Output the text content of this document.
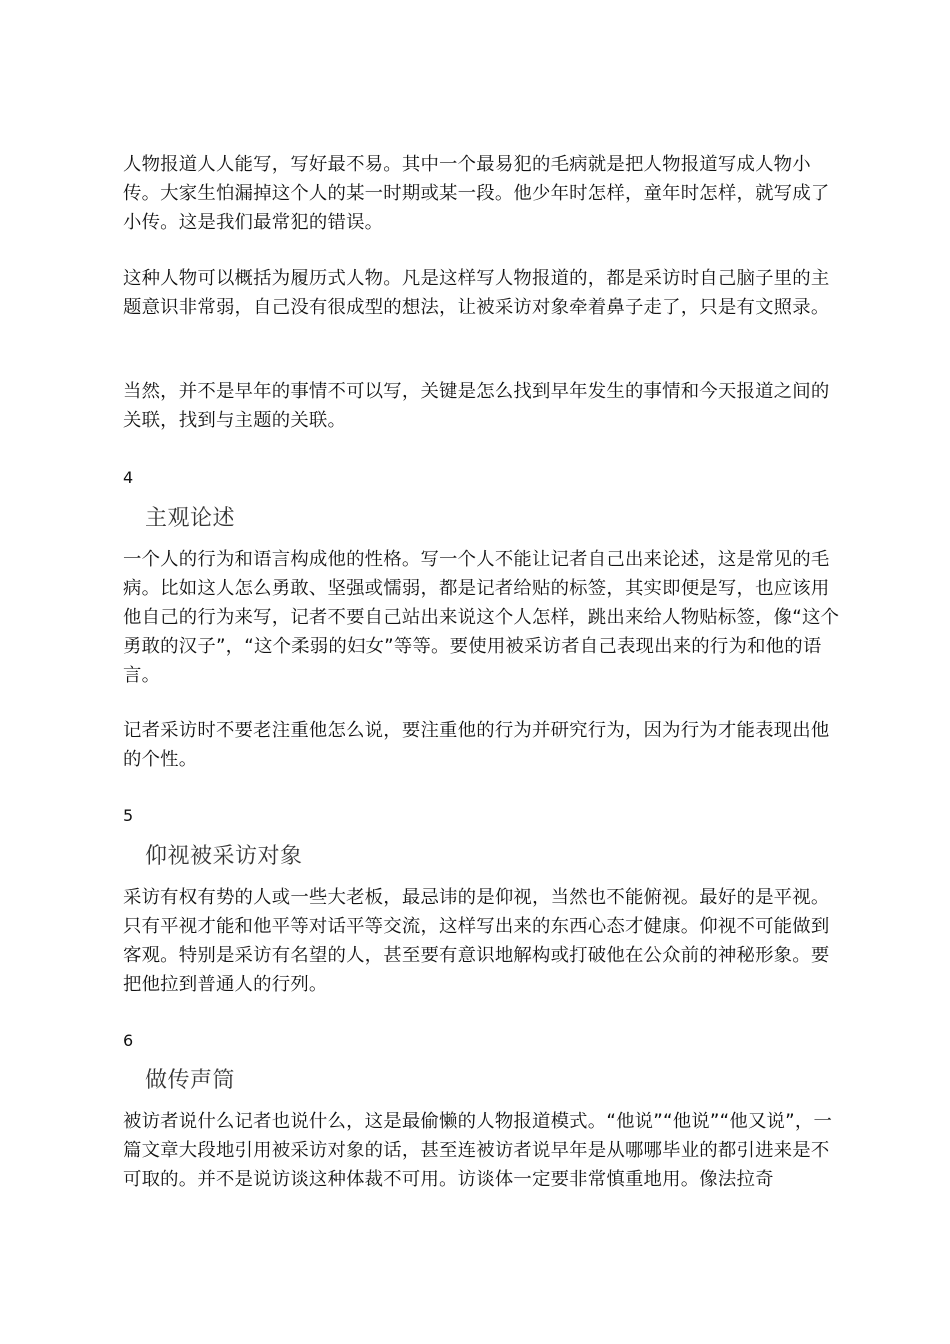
人物报道人人能写，写好最不易。其中一个最易犯的毛病就是把人物报道写成人物小传。大家生怕漏掉这个人的某一时期或某一段。他少年时怎样，童年时怎样，就写成了小传。这是我们最常犯的错误。

这种人物可以概括为履历式人物。凡是这样写人物报道的，都是采访时自己脑子里的主题意识非常弱，自己没有很成型的想法，让被采访对象牵着鼻子走了，只是有文照录。

当然，并不是早年的事情不可以写，关键是怎么找到早年发生的事情和今天报道之间的关联，找到与主题的关联。

4

主观论述

一个人的行为和语言构成他的性格。写一个人不能让记者自己出来论述，这是常见的毛病。比如这人怎么勇敢、坚强或懦弱，都是记者给贴的标签，其实即便是写，也应该用他自己的行为来写，记者不要自己站出来说这个人怎样，跳出来给人物贴标签，像“这个勇敢的汉子”，“这个柔弱的妇女”等等。要使用被采访者自己表现出来的行为和他的语言。

记者采访时不要老注重他怎么说，要注重他的行为并研究行为，因为行为才能表现出他的个性。

5

仰视被采访对象

采访有权有势的人或一些大老板，最忌讳的是仰视，当然也不能俯视。最好的是平视。只有平视才能和他平等对话平等交流，这样写出来的东西心态才健康。仰视不可能做到客观。特别是采访有名望的人，甚至要有意识地解构或打破他在公众前的神秘形象。要把他拉到普通人的行列。

6

做传声筒

被访者说什么记者也说什么，这是最偷懒的人物报道模式。“他说”“他说”“他又说”，一篇文章大段地引用被采访对象的话，甚至连被访者说早年是从哪哪毕业的都引进来是不可取的。并不是说访谈这种体裁不可用。访谈体一定要非常慎重地用。像法拉奇
